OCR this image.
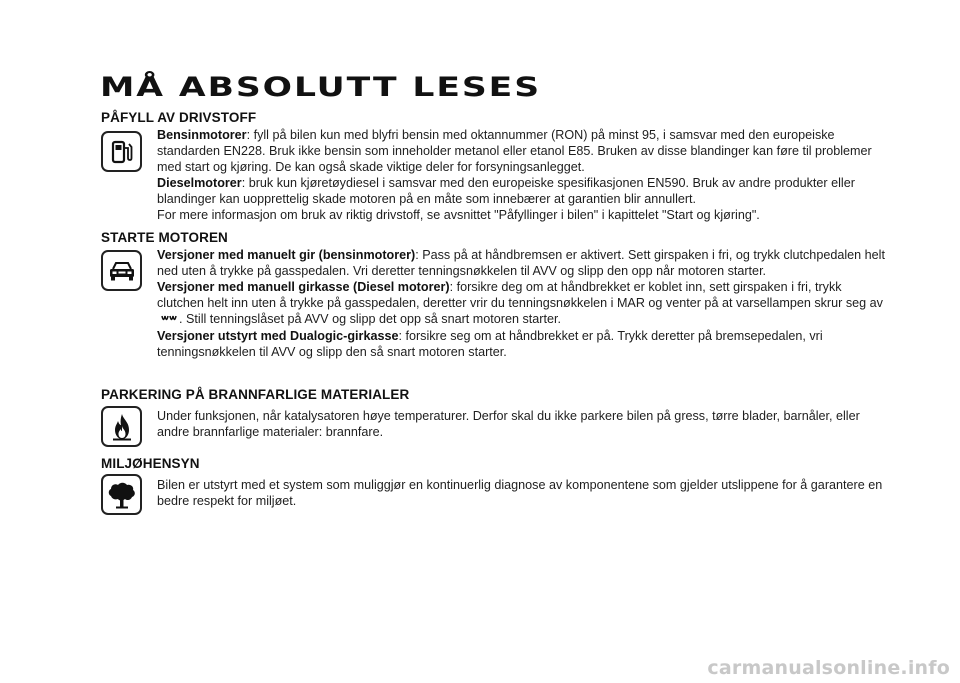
MÅ ABSOLUTT LESES
PÅFYLL AV DRIVSTOFF

Bensinmotorer: fyll på bilen kun med blyfri bensin med oktannummer (RON) på minst 95, i samsvar med den europeiske standarden EN228. Bruk ikke bensin som inneholder metanol eller etanol E85. Bruken av disse blandinger kan føre til problemer med start og kjøring. De kan også skade viktige deler for forsyningsanlegget.

Dieselmotorer: bruk kun kjøretøydiesel i samsvar med den europeiske spesifikasjonen EN590. Bruk av andre produkter eller blandinger kan uopprettelig skade motoren på en måte som innebærer at garantien blir annullert.

For mere informasjon om bruk av riktig drivstoff, se avsnittet "Påfyllinger i bilen" i kapittelet "Start og kjøring".

STARTE MOTOREN

Versjoner med manuelt gir (bensinmotorer): Pass på at håndbremsen er aktivert. Sett girspaken i fri, og trykk clutchpedalen helt ned uten å trykke på gasspedalen. Vri deretter tenningsnøkkelen til AVV og slipp den opp når motoren starter.

Versjoner med manuell girkasse (Diesel motorer): forsikre deg om at håndbrekket er koblet inn, sett girspaken i fri, trykk clutchen helt inn uten å trykke på gasspedalen, deretter vrir du tenningsnøkkelen i MAR og venter på at varsellampen skrur seg av . Still tenningslåset på AVV og slipp det opp så snart motoren starter.

Versjoner utstyrt med Dualogic-girkasse: forsikre seg om at håndbrekket er på. Trykk deretter på bremsepedalen, vri tenningsnøkkelen til AVV og slipp den så snart motoren starter.

PARKERING PÅ BRANNFARLIGE MATERIALER

Under funksjonen, når katalysatoren høye temperaturer. Derfor skal du ikke parkere bilen på gress, tørre blader, barnåler, eller andre brannfarlige materialer: brannfare.

MILJØHENSYN

Bilen er utstyrt med et system som muliggjør en kontinuerlig diagnose av komponentene som gjelder utslippene for å garantere en bedre respekt for miljøet.

carmanualsonline.info
